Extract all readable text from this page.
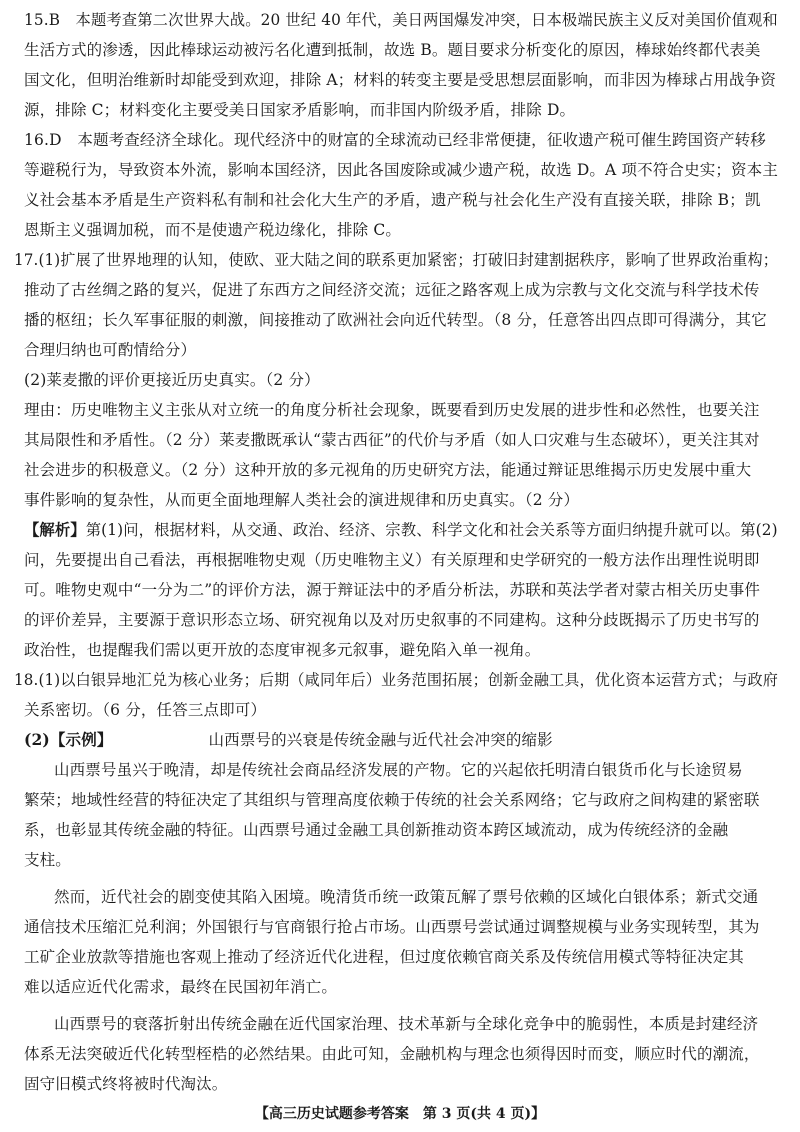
15.B　本题考查第二次世界大战。20 世纪 40 年代，美日两国爆发冲突，日本极端民族主义反对美国价值观和

生活方式的渗透，因此棒球运动被污名化遭到抵制，故选 B。题目要求分析变化的原因，棒球始终都代表美

国文化，但明治维新时却能受到欢迎，排除 A；材料的转变主要是受思想层面影响，而非因为棒球占用战争资

源，排除 C；材料变化主要受美日国家矛盾影响，而非国内阶级矛盾，排除 D。

16.D　本题考查经济全球化。现代经济中的财富的全球流动已经非常便捷，征收遗产税可催生跨国资产转移

等避税行为，导致资本外流，影响本国经济，因此各国废除或减少遗产税，故选 D。A 项不符合史实；资本主

义社会基本矛盾是生产资料私有制和社会化大生产的矛盾，遗产税与社会化生产没有直接关联，排除 B；凯

恩斯主义强调加税，而不是使遗产税边缘化，排除 C。

17.(1)扩展了世界地理的认知，使欧、亚大陆之间的联系更加紧密；打破旧封建割据秩序，影响了世界政治重构；

推动了古丝绸之路的复兴，促进了东西方之间经济交流；远征之路客观上成为宗教与文化交流与科学技术传

播的枢纽；长久军事征服的刺激，间接推动了欧洲社会向近代转型。（8 分，任意答出四点即可得满分，其它

合理归纳也可酌情给分）

(2)莱麦撒的评价更接近历史真实。（2 分）

理由：历史唯物主义主张从对立统一的角度分析社会现象，既要看到历史发展的进步性和必然性，也要关注

其局限性和矛盾性。（2 分）莱麦撒既承认“蒙古西征”的代价与矛盾（如人口灾难与生态破坏），更关注其对

社会进步的积极意义。（2 分）这种开放的多元视角的历史研究方法，能通过辩证思维揭示历史发展中重大

事件影响的复杂性，从而更全面地理解人类社会的演进规律和历史真实。（2 分）

【解析】第(1)问，根据材料，从交通、政治、经济、宗教、科学文化和社会关系等方面归纳提升就可以。第(2)

问，先要提出自己看法，再根据唯物史观（历史唯物主义）有关原理和史学研究的一般方法作出理性说明即

可。唯物史观中“一分为二”的评价方法，源于辩证法中的矛盾分析法，苏联和英法学者对蒙古相关历史事件

的评价差异，主要源于意识形态立场、研究视角以及对历史叙事的不同建构。这种分歧既揭示了历史书写的

政治性，也提醒我们需以更开放的态度审视多元叙事，避免陷入单一视角。

18.(1)以白银异地汇兑为核心业务；后期（咸同年后）业务范围拓展；创新金融工具，优化资本运营方式；与政府

关系密切。（6 分，任答三点即可）

(2)【示例】	山西票号的兴衰是传统金融与近代社会冲突的缩影

山西票号虽兴于晚清，却是传统社会商品经济发展的产物。它的兴起依托明清白银货币化与长途贸易

繁荣；地域性经营的特征决定了其组织与管理高度依赖于传统的社会关系网络；它与政府之间构建的紧密联

系，也彰显其传统金融的特征。山西票号通过金融工具创新推动资本跨区域流动，成为传统经济的金融

支柱。

然而，近代社会的剧变使其陷入困境。晚清货币统一政策瓦解了票号依赖的区域化白银体系；新式交通

通信技术压缩汇兑利润；外国银行与官商银行抢占市场。山西票号尝试通过调整规模与业务实现转型，其为

工矿企业放款等措施也客观上推动了经济近代化进程，但过度依赖官商关系及传统信用模式等特征决定其

难以适应近代化需求，最终在民国初年消亡。

山西票号的衰落折射出传统金融在近代国家治理、技术革新与全球化竞争中的脆弱性，本质是封建经济

体系无法突破近代化转型桎梏的必然结果。由此可知，金融机构与理念也须得因时而变，顺应时代的潮流，

固守旧模式终将被时代淘汰。

【高三历史试题参考答案　第 3 页(共 4 页)】
